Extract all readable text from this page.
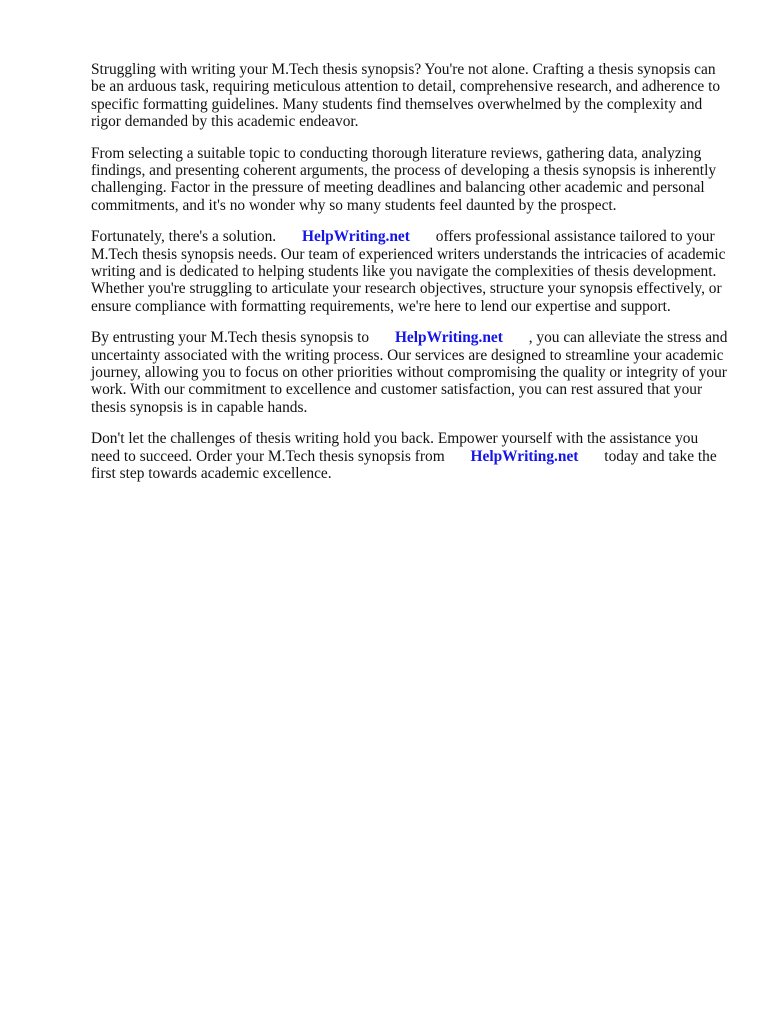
Struggling with writing your M.Tech thesis synopsis? You're not alone. Crafting a thesis synopsis can be an arduous task, requiring meticulous attention to detail, comprehensive research, and adherence to specific formatting guidelines. Many students find themselves overwhelmed by the complexity and rigor demanded by this academic endeavor.

From selecting a suitable topic to conducting thorough literature reviews, gathering data, analyzing findings, and presenting coherent arguments, the process of developing a thesis synopsis is inherently challenging. Factor in the pressure of meeting deadlines and balancing other academic and personal commitments, and it's no wonder why so many students feel daunted by the prospect.

Fortunately, there's a solution. HelpWriting.net offers professional assistance tailored to your M.Tech thesis synopsis needs. Our team of experienced writers understands the intricacies of academic writing and is dedicated to helping students like you navigate the complexities of thesis development. Whether you're struggling to articulate your research objectives, structure your synopsis effectively, or ensure compliance with formatting requirements, we're here to lend our expertise and support.

By entrusting your M.Tech thesis synopsis to HelpWriting.net , you can alleviate the stress and uncertainty associated with the writing process. Our services are designed to streamline your academic journey, allowing you to focus on other priorities without compromising the quality or integrity of your work. With our commitment to excellence and customer satisfaction, you can rest assured that your thesis synopsis is in capable hands.

Don't let the challenges of thesis writing hold you back. Empower yourself with the assistance you need to succeed. Order your M.Tech thesis synopsis from HelpWriting.net today and take the first step towards academic excellence.
